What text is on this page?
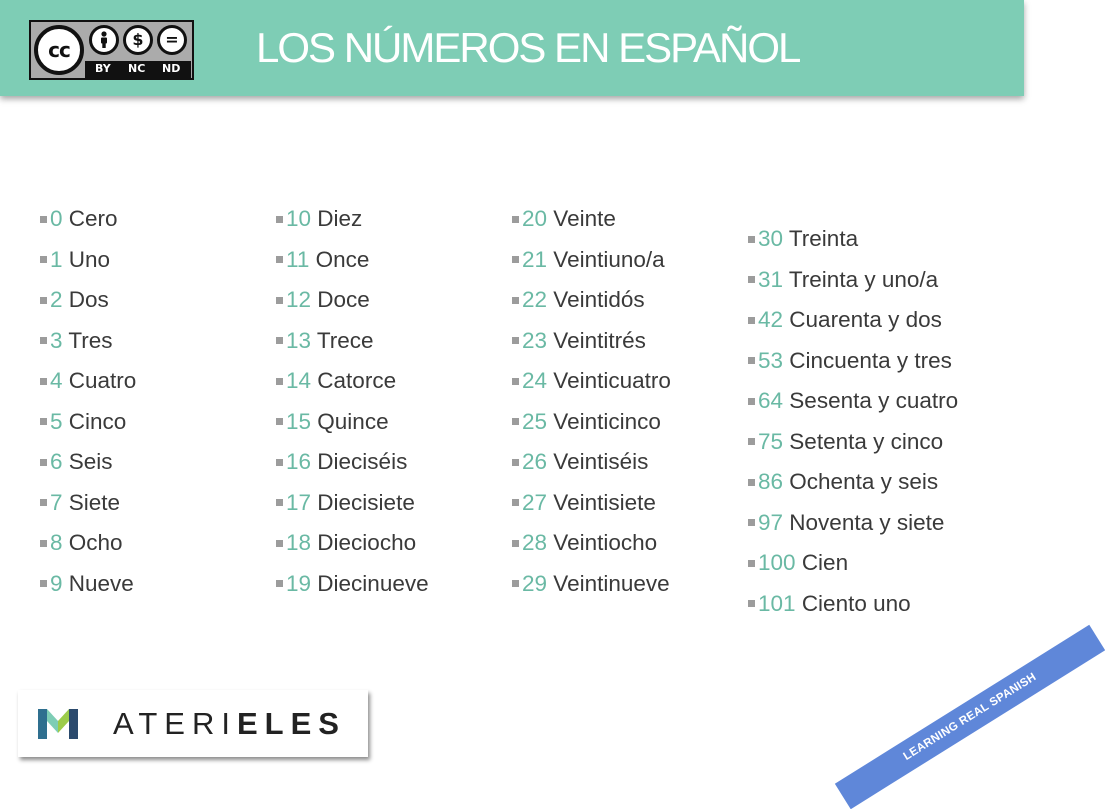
cc	$	=
BY NC ND LOS NÚMEROS EN ESPAÑOL
0 Cero
1 Uno
2 Dos
3 Tres
4 Cuatro
5 Cinco
6 Seis
7 Siete
8 Ocho
9 Nueve
10 Diez
11 Once
12 Doce
13 Trece
14 Catorce
15 Quince
16 Dieciséis
17 Diecisiete
18 Dieciocho
19 Diecinueve
20 Veinte
21 Veintiuno/a
22 Veintidós
23 Veintitrés
24 Veinticuatro
25 Veinticinco
26 Veintiséis
27 Veintisiete
28 Veintiocho
29 Veintinueve
30 Treinta
31 Treinta y uno/a
42 Cuarenta y dos
53 Cincuenta y tres
64 Sesenta y cuatro
75 Setenta y cinco
86 Ochenta y seis
97 Noventa y siete
100 Cien
101 Ciento uno
ATERIELES	LEARNING REAL SPANISH
